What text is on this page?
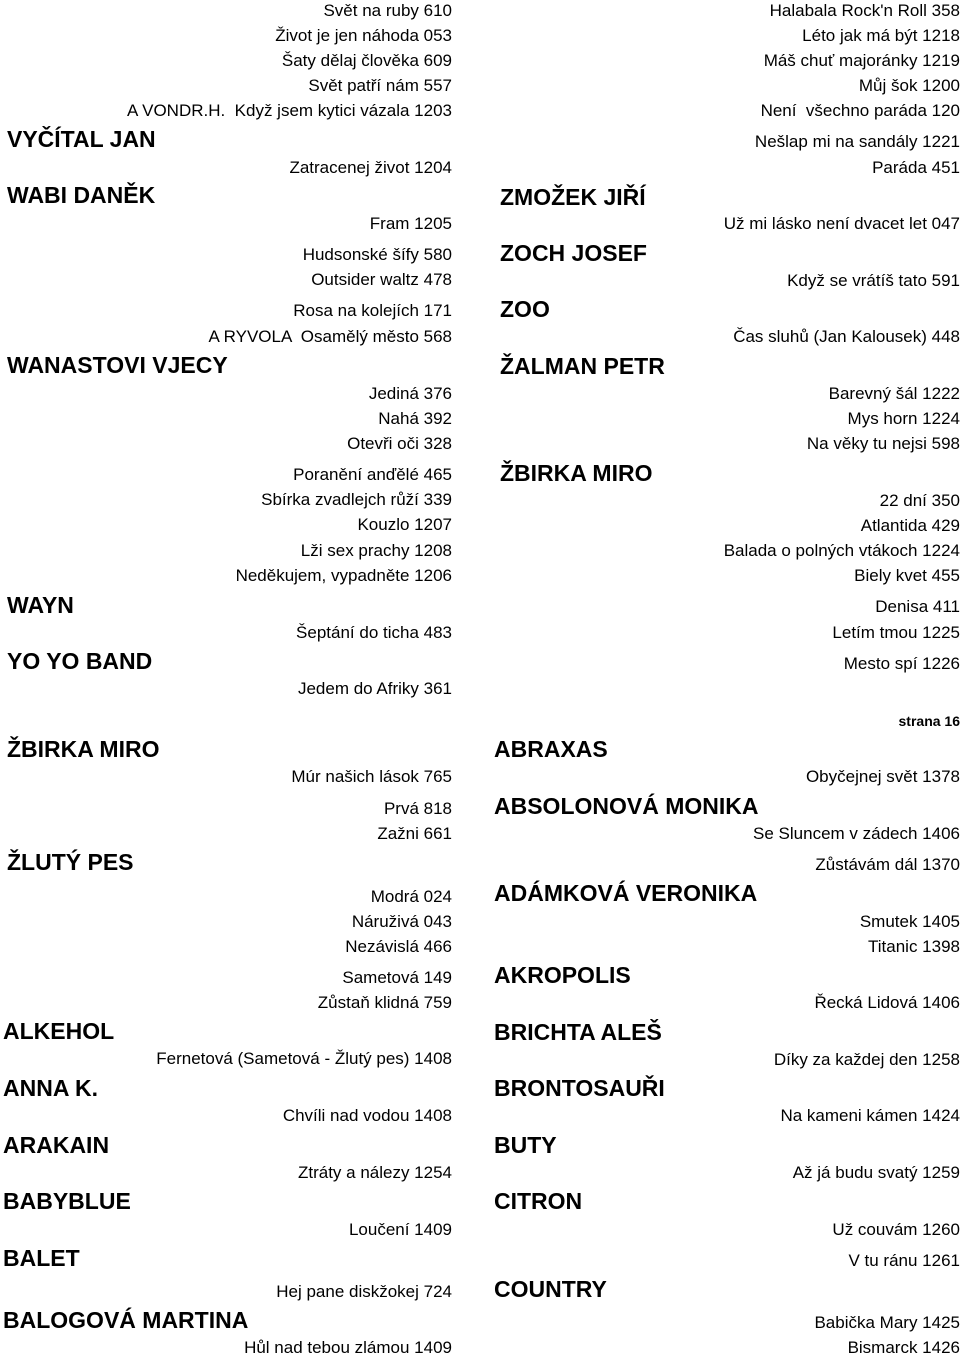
Svět na ruby 610
Život je jen náhoda 053
Šaty dělaj člověka 609
Svět patří nám 557
A VONDR.H.  Když jsem kytici vázala 1203
VYČÍTAL JAN
Zatracenej život 1204
WABI DANĚK
Fram 1205
Hudsonské šífy 580
Outsider waltz 478
Rosa na kolejích 171
A RYVOLA  Osamělý město 568
WANASTOVI VJECY
Jediná 376
Nahá 392
Otevři oči 328
Poranění anďělé 465
Sbírka zvadlejch růží 339
Kouzlo 1207
Lži sex prachy 1208
Neděkujem, vypadněte 1206
WAYN
Šeptání do ticha 483
YO YO BAND
Jedem do Afriky 361
ŽBIRKA MIRO
Múr našich lások 765
Prvá 818
Zažni 661
ŽLUTÝ PES
Modrá 024
Náruživá 043
Nezávislá 466
Sametová 149
Zůstaň klidná 759
ALKEHOL
Fernetová (Sametová - Žlutý pes) 1408
ANNA K.
Chvíli nad vodou 1408
ARAKAIN
Ztráty a nálezy 1254
BABYBLUE
Loučení 1409
BALET
Hej pane diskžokej 724
BALOGOVÁ MARTINA
Hůl nad tebou zlámou 1409
Halabala Rock'n Roll 358
Léto jak má být 1218
Máš chuť majoránky 1219
Můj šok 1200
Není  všechno paráda 120
Nešlap mi na sandály 1221
Paráda 451
ZMOŽEK JIŘÍ
Už mi lásko není dvacet let 047
ZOCH JOSEF
Když se vrátíš tato 591
ZOO
Čas sluhů (Jan Kalousek) 448
ŽALMAN PETR
Barevný šál 1222
Mys horn 1224
Na věky tu nejsi 598
ŽBIRKA MIRO
22 dní 350
Atlantida 429
Balada o polných vtákoch 1224
Biely kvet 455
Denisa 411
Letím tmou 1225
Mesto spí 1226
strana 16
ABRAXAS
Obyčejnej svět 1378
ABSOLONOVÁ MONIKA
Se Sluncem v zádech 1406
Zůstávám dál 1370
ADÁMKOVÁ VERONIKA
Smutek 1405
Titanic 1398
AKROPOLIS
Řecká Lidová 1406
BRICHTA ALEŠ
Díky za každej den 1258
BRONTOSAUŘI
Na kameni kámen 1424
BUTY
Až já budu svatý 1259
CITRON
Už couvám 1260
V tu ránu 1261
COUNTRY
Babička Mary 1425
Bismarck 1426
